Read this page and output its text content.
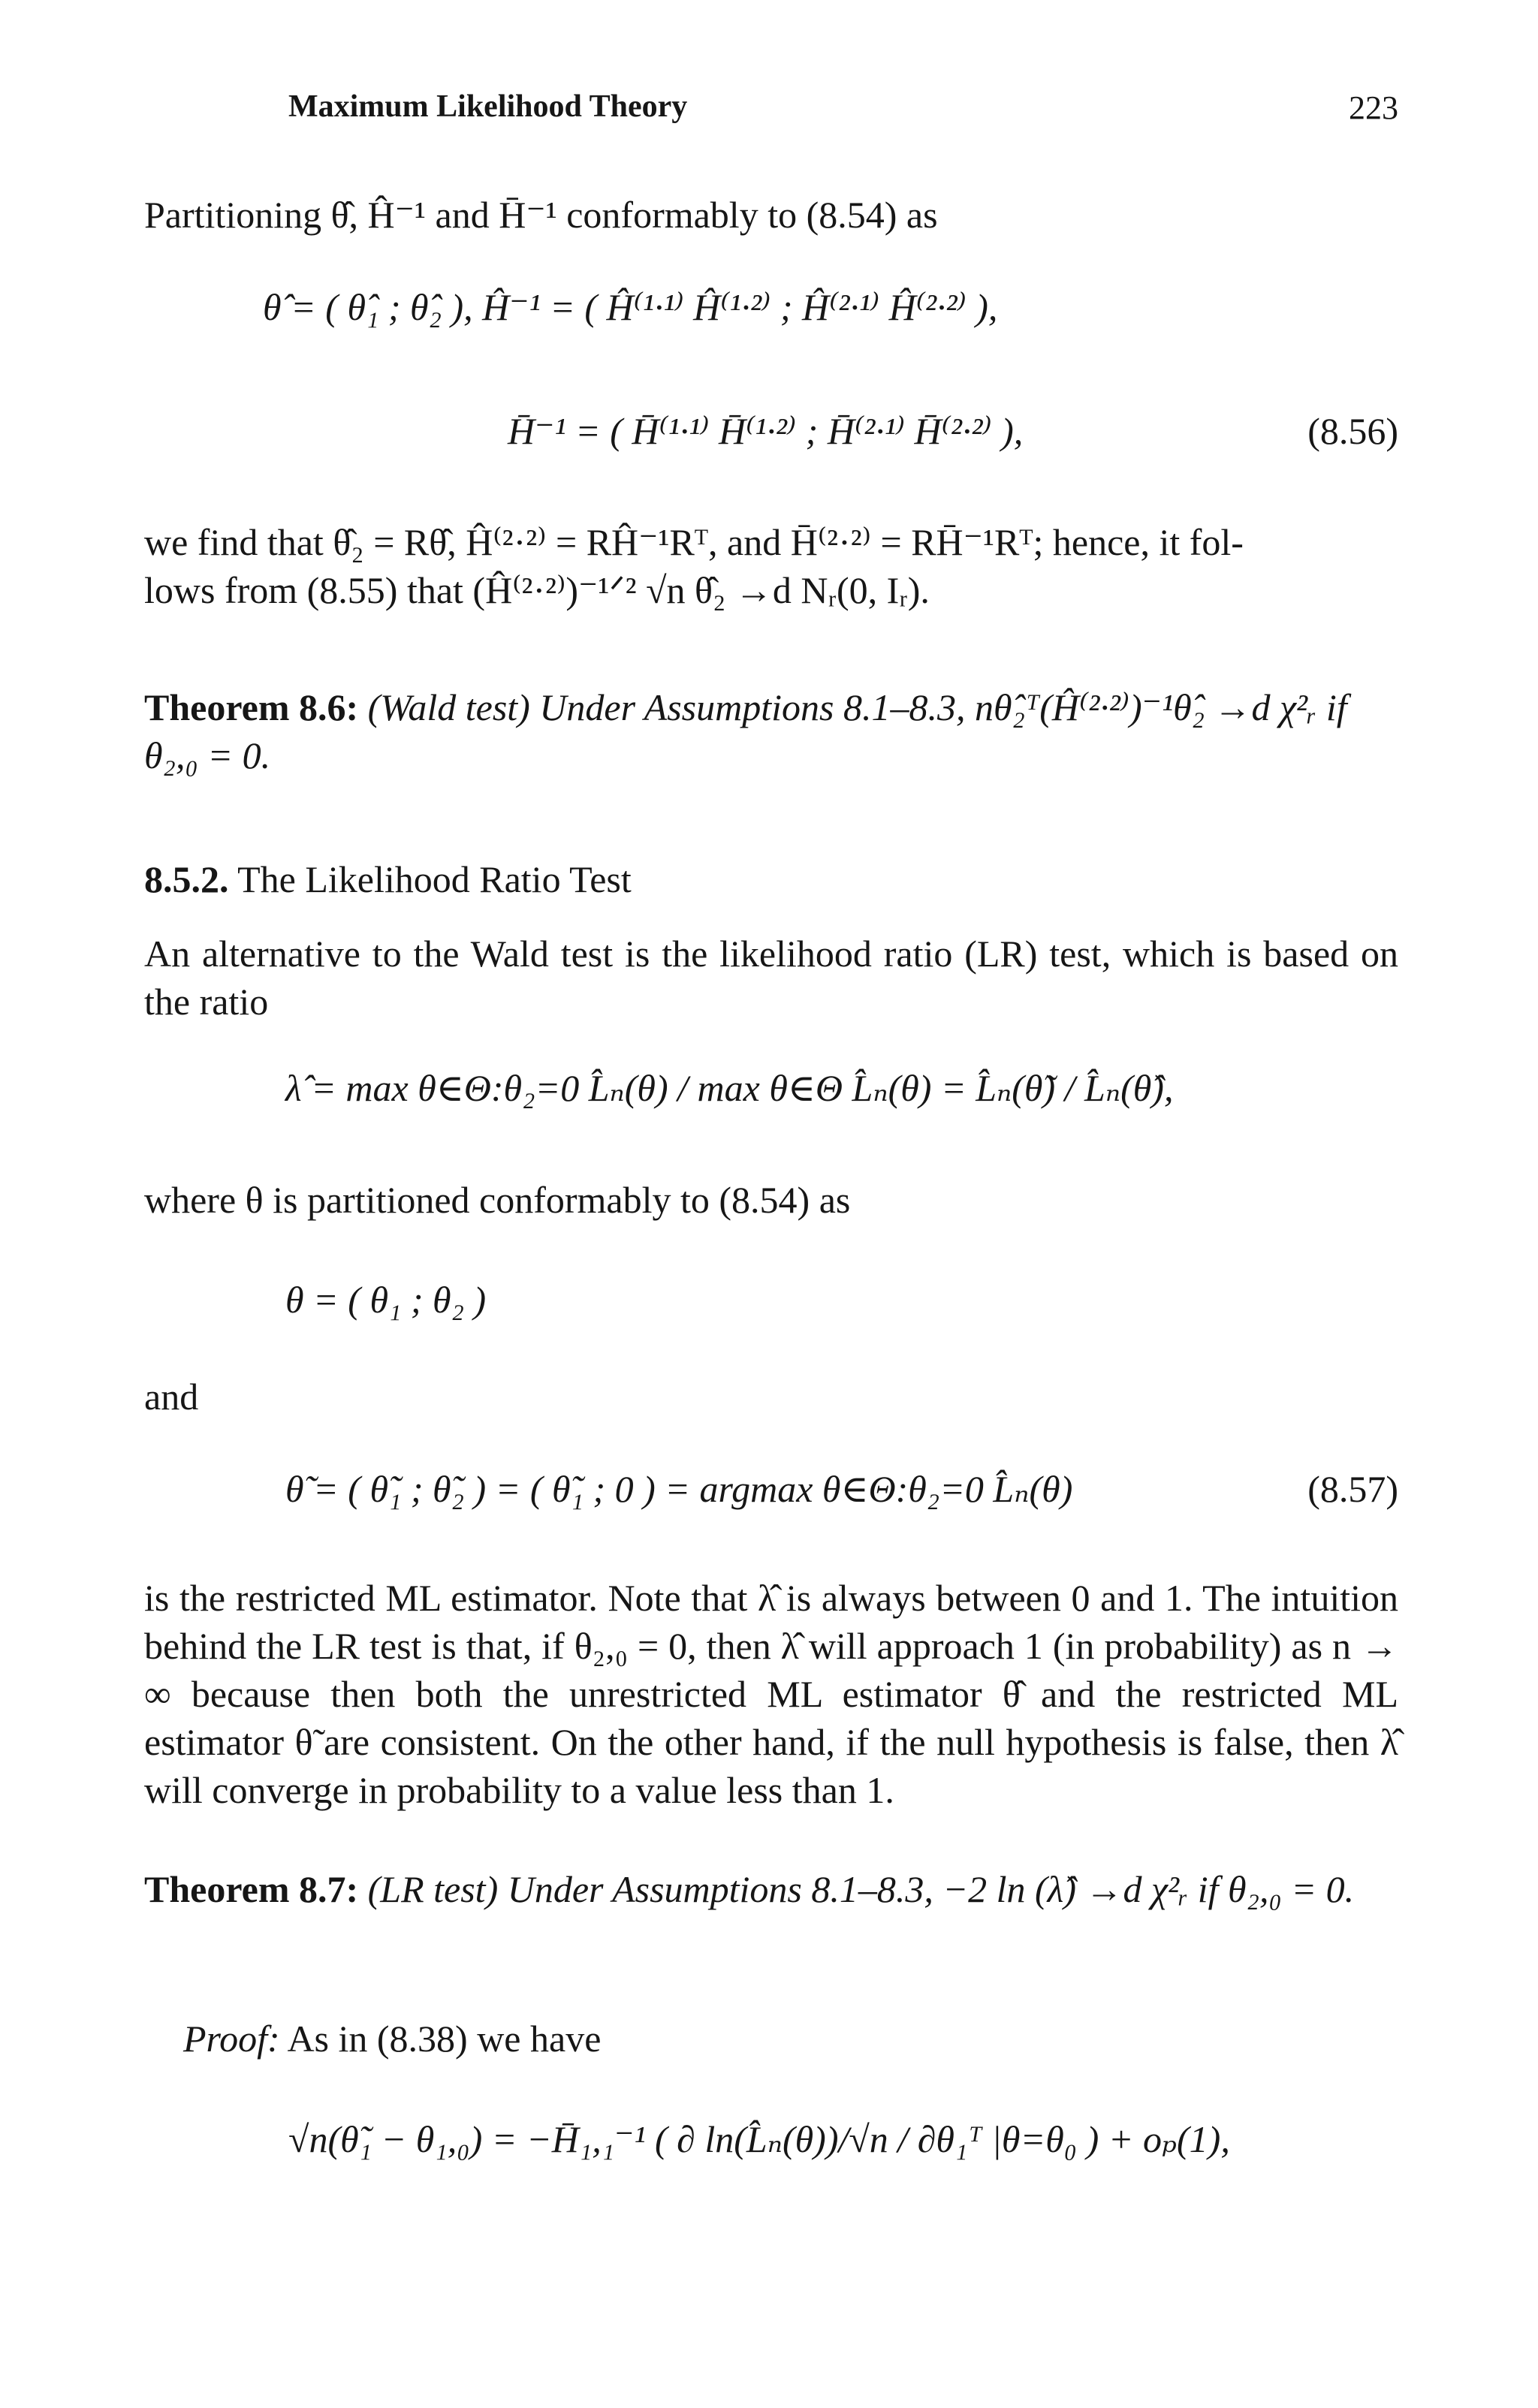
Maximum Likelihood Theory	223

Partitioning θ̂, Ĥ⁻¹ and H̄⁻¹ conformably to (8.54) as

θ̂ = ( θ̂₁ ; θ̂₂ ), Ĥ⁻¹ = ( Ĥ⁽¹·¹⁾ Ĥ⁽¹·²⁾ ; Ĥ⁽²·¹⁾ Ĥ⁽²·²⁾ ),
H̄⁻¹ = ( H̄⁽¹·¹⁾ H̄⁽¹·²⁾ ; H̄⁽²·¹⁾ H̄⁽²·²⁾ ),	(8.56)

we find that θ̂₂ = Rθ̂, Ĥ⁽²·²⁾ = RĤ⁻¹Rᵀ, and H̄⁽²·²⁾ = RH̄⁻¹Rᵀ; hence, it fol-

lows from (8.55) that (Ĥ⁽²·²⁾)⁻¹ᐟ² √n θ̂₂ →d Nᵣ(0, Iᵣ).

Theorem 8.6: (Wald test) Under Assumptions 8.1–8.3, nθ̂₂ᵀ(Ĥ⁽²·²⁾)⁻¹θ̂₂ →d χ²ᵣ if θ₂,₀ = 0.
8.5.2. The Likelihood Ratio Test

An alternative to the Wald test is the likelihood ratio (LR) test, which is based on the ratio

λ̂ = max θ∈Θ:θ₂=0 L̂ₙ(θ) / max θ∈Θ L̂ₙ(θ) = L̂ₙ(θ̃) / L̂ₙ(θ̂),

where θ is partitioned conformably to (8.54) as

θ = ( θ₁ ; θ₂ )

and

θ̃ = ( θ̃₁ ; θ̃₂ ) = ( θ̃₁ ; 0 ) = argmax θ∈Θ:θ₂=0 L̂ₙ(θ)	(8.57)

is the restricted ML estimator. Note that λ̂ is always between 0 and 1. The intuition behind the LR test is that, if θ₂,₀ = 0, then λ̂ will approach 1 (in probability) as n → ∞ because then both the unrestricted ML estimator θ̂ and the restricted ML estimator θ̃ are consistent. On the other hand, if the null hypothesis is false, then λ̂ will converge in probability to a value less than 1.

Theorem 8.7: (LR test) Under Assumptions 8.1–8.3, −2 ln (λ̂) →d χ²ᵣ if θ₂,₀ = 0.
Proof: As in (8.38) we have
√n(θ̃₁ − θ₁,₀) = −H̄₁,₁⁻¹ ( ∂ ln(L̂ₙ(θ))/√n / ∂θ₁ᵀ |θ=θ₀ ) + oₚ(1),
